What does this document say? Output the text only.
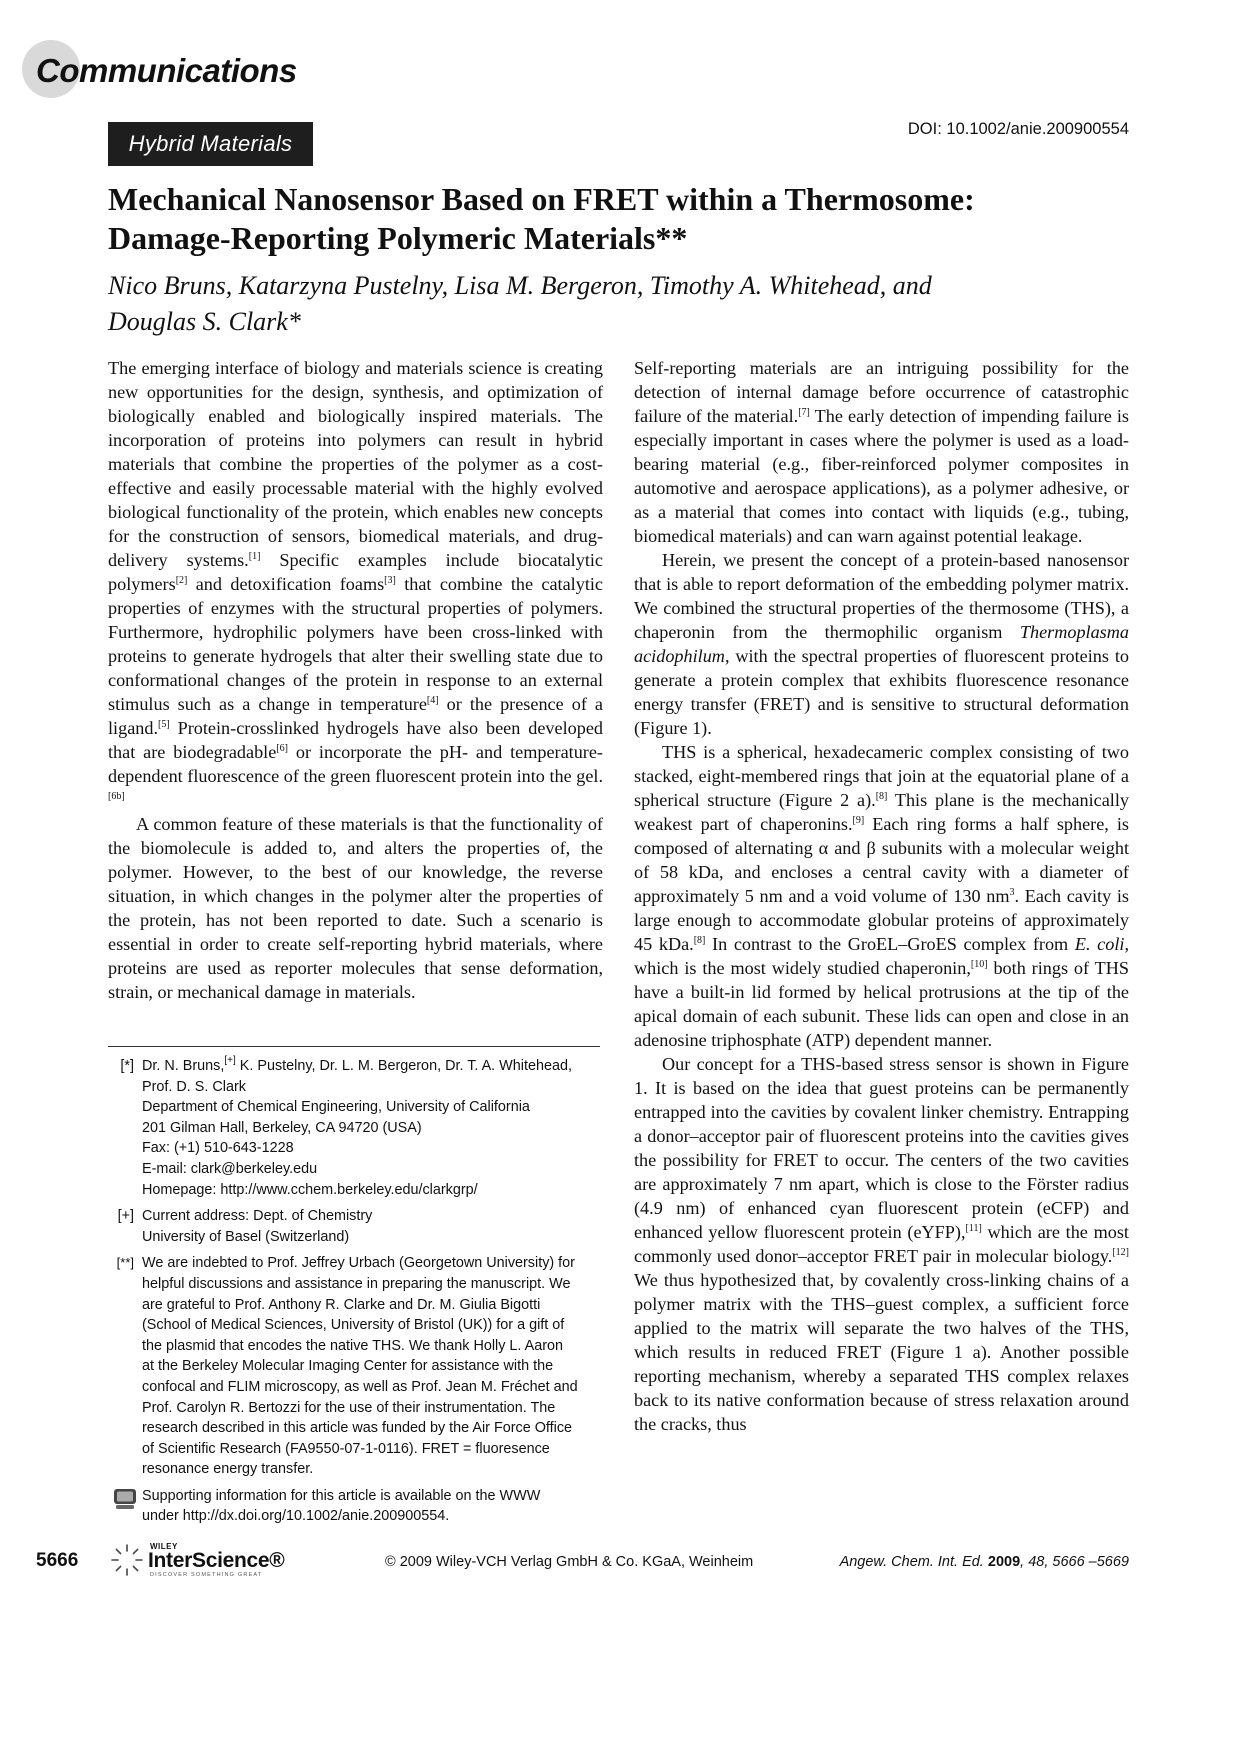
Communications
Hybrid Materials
DOI: 10.1002/anie.200900554
Mechanical Nanosensor Based on FRET within a Thermosome:
Damage-Reporting Polymeric Materials**
Nico Bruns, Katarzyna Pustelny, Lisa M. Bergeron, Timothy A. Whitehead, and
Douglas S. Clark*

The emerging interface of biology and materials science is creating new opportunities for the design, synthesis, and optimization of biologically enabled and biologically inspired materials. The incorporation of proteins into polymers can result in hybrid materials that combine the properties of the polymer as a cost-effective and easily processable material with the highly evolved biological functionality of the protein, which enables new concepts for the construction of sensors, biomedical materials, and drug-delivery systems.[1] Specific examples include biocatalytic polymers[2] and detoxification foams[3] that combine the catalytic properties of enzymes with the structural properties of polymers. Furthermore, hydrophilic polymers have been cross-linked with proteins to generate hydrogels that alter their swelling state due to conformational changes of the protein in response to an external stimulus such as a change in temperature[4] or the presence of a ligand.[5] Protein-crosslinked hydrogels have also been developed that are biodegradable[6] or incorporate the pH- and temperature-dependent fluorescence of the green fluorescent protein into the gel.[6b]

A common feature of these materials is that the functionality of the biomolecule is added to, and alters the properties of, the polymer. However, to the best of our knowledge, the reverse situation, in which changes in the polymer alter the properties of the protein, has not been reported to date. Such a scenario is essential in order to create self-reporting hybrid materials, where proteins are used as reporter molecules that sense deformation, strain, or mechanical damage in materials.

Self-reporting materials are an intriguing possibility for the detection of internal damage before occurrence of catastrophic failure of the material.[7] The early detection of impending failure is especially important in cases where the polymer is used as a load-bearing material (e.g., fiber-reinforced polymer composites in automotive and aerospace applications), as a polymer adhesive, or as a material that comes into contact with liquids (e.g., tubing, biomedical materials) and can warn against potential leakage.

Herein, we present the concept of a protein-based nanosensor that is able to report deformation of the embedding polymer matrix. We combined the structural properties of the thermosome (THS), a chaperonin from the thermophilic organism Thermoplasma acidophilum, with the spectral properties of fluorescent proteins to generate a protein complex that exhibits fluorescence resonance energy transfer (FRET) and is sensitive to structural deformation (Figure 1).

THS is a spherical, hexadecameric complex consisting of two stacked, eight-membered rings that join at the equatorial plane of a spherical structure (Figure 2 a).[8] This plane is the mechanically weakest part of chaperonins.[9] Each ring forms a half sphere, is composed of alternating α and β subunits with a molecular weight of 58 kDa, and encloses a central cavity with a diameter of approximately 5 nm and a void volume of 130 $nm^3$. Each cavity is large enough to accommodate globular proteins of approximately 45 kDa.[8] In contrast to the GroEL–GroES complex from E. coli, which is the most widely studied chaperonin,[10] both rings of THS have a built-in lid formed by helical protrusions at the tip of the apical domain of each subunit. These lids can open and close in an adenosine triphosphate (ATP) dependent manner.

Our concept for a THS-based stress sensor is shown in Figure 1. It is based on the idea that guest proteins can be permanently entrapped into the cavities by covalent linker chemistry. Entrapping a donor–acceptor pair of fluorescent proteins into the cavities gives the possibility for FRET to occur. The centers of the two cavities are approximately 7 nm apart, which is close to the Förster radius (4.9 nm) of enhanced cyan fluorescent protein (eCFP) and enhanced yellow fluorescent protein (eYFP),[11] which are the most commonly used donor–acceptor FRET pair in molecular biology.[12] We thus hypothesized that, by covalently cross-linking chains of a polymer matrix with the THS–guest complex, a sufficient force applied to the matrix will separate the two halves of the THS, which results in reduced FRET (Figure 1 a). Another possible reporting mechanism, whereby a separated THS complex relaxes back to its native conformation because of stress relaxation around the cracks, thus

[*] Dr. N. Bruns,[+] K. Pustelny, Dr. L. M. Bergeron, Dr. T. A. Whitehead,
Prof. D. S. Clark
Department of Chemical Engineering, University of California
201 Gilman Hall, Berkeley, CA 94720 (USA)
Fax: (+1) 510-643-1228
E-mail: clark@berkeley.edu
Homepage: http://www.cchem.berkeley.edu/clarkgrp/
[+] Current address: Dept. of Chemistry
University of Basel (Switzerland)
[**] We are indebted to Prof. Jeffrey Urbach (Georgetown University) for
helpful discussions and assistance in preparing the manuscript. We
are grateful to Prof. Anthony R. Clarke and Dr. M. Giulia Bigotti
(School of Medical Sciences, University of Bristol (UK)) for a gift of
the plasmid that encodes the native THS. We thank Holly L. Aaron
at the Berkeley Molecular Imaging Center for assistance with the
confocal and FLIM microscopy, as well as Prof. Jean M. Fréchet and
Prof. Carolyn R. Bertozzi for the use of their instrumentation. The
research described in this article was funded by the Air Force Office
of Scientific Research (FA9550-07-1-0116). FRET = fluoresence
resonance energy transfer.
Supporting information for this article is available on the WWW
under http://dx.doi.org/10.1002/anie.200900554.
5666
WILEY
InterScience®
DISCOVER SOMETHING GREAT
© 2009 Wiley-VCH Verlag GmbH & Co. KGaA, Weinheim	Angew. Chem. Int. Ed. 2009, 48, 5666 –5669
